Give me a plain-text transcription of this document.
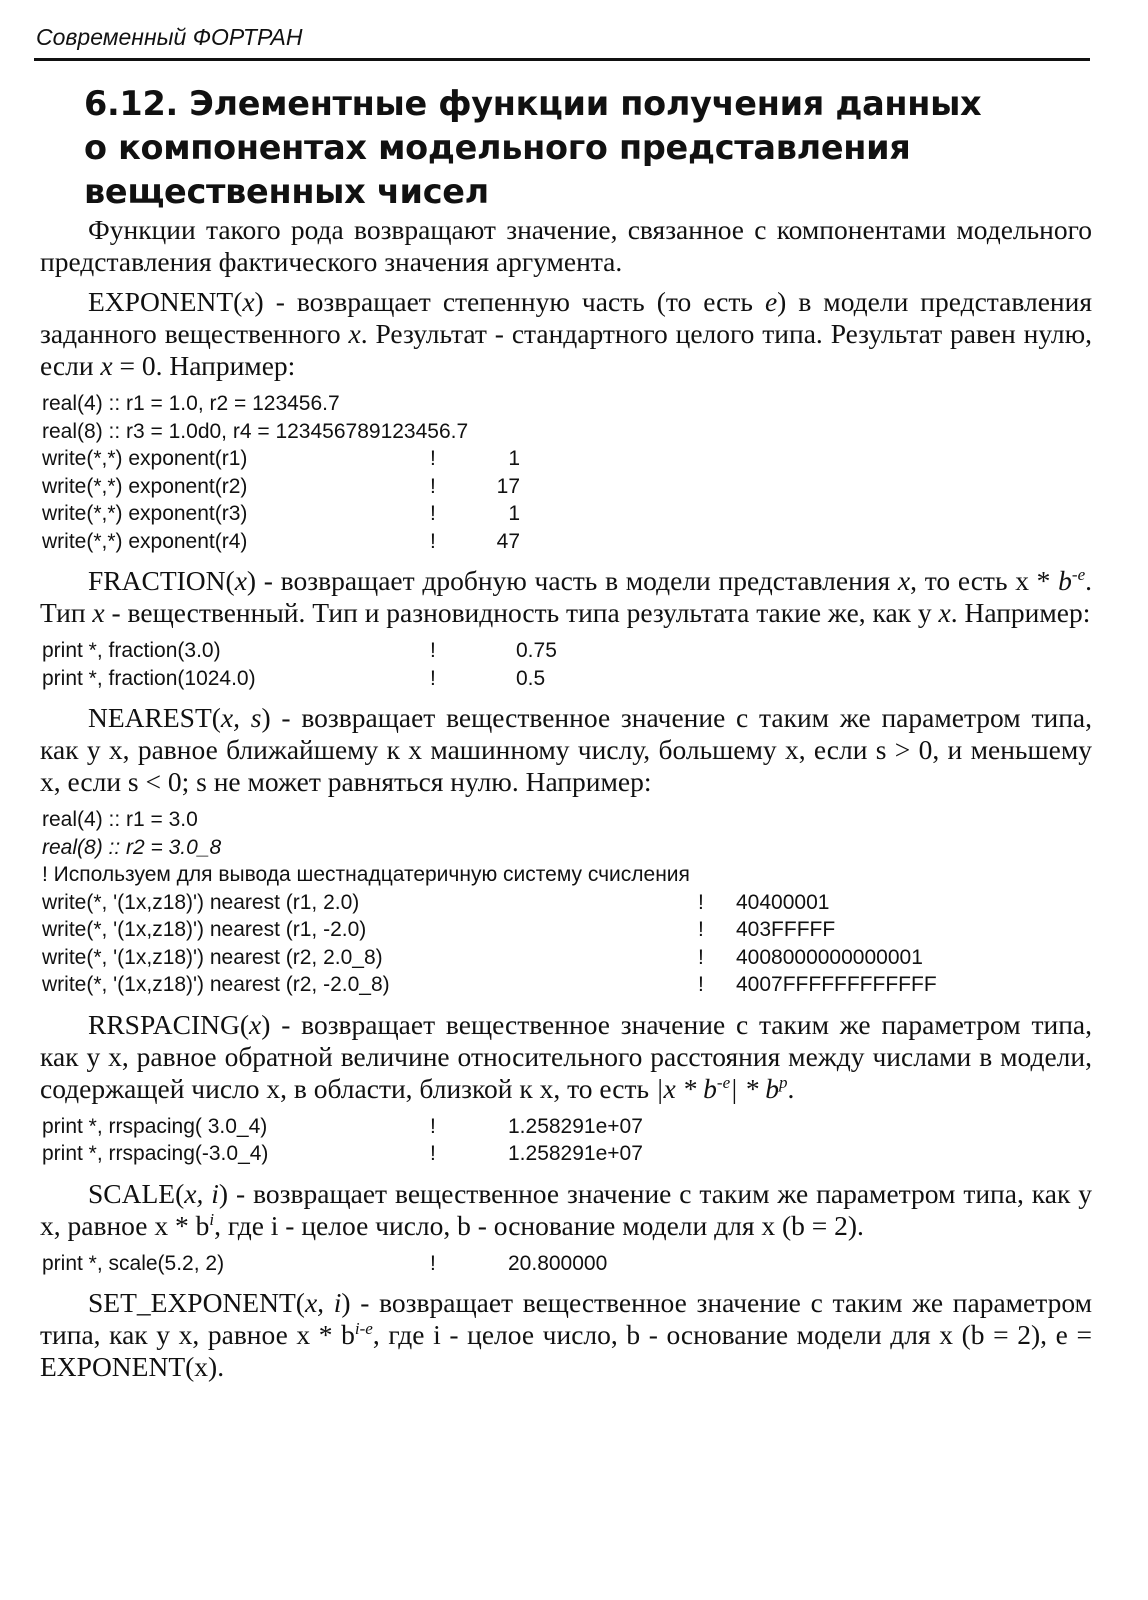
Современный ФОРТРАН
6.12. Элементные функции получения данных
о компонентах модельного представления
вещественных чисел

Функции такого рода возвращают значение, связанное с компонентами модельного представления фактического значения аргумента.

EXPONENT(x) - возвращает степенную часть (то есть e) в модели представления заданного вещественного x. Результат - стандартного целого типа. Результат равен нулю, если x = 0. Например:

real(4) :: r1 = 1.0, r2 = 123456.7
real(8) :: r3 = 1.0d0, r4 = 123456789123456.7
write(*,*) exponent(r1)	!	1
write(*,*) exponent(r2)	!	17
write(*,*) exponent(r3)	!	1
write(*,*) exponent(r4)	!	47

FRACTION(x) - возвращает дробную часть в модели представления x, то есть x * $b^{-e}$. Тип x - вещественный. Тип и разновидность типа результата такие же, как у x. Например:

print *, fraction(3.0)	!	0.75
print *, fraction(1024.0)	!	0.5

NEAREST(x, s) - возвращает вещественное значение с таким же параметром типа, как у x, равное ближайшему к x машинному числу, большему x, если s > 0, и меньшему x, если s < 0; s не может равняться нулю. Например:

real(4) :: r1 = 3.0
real(8) :: r2 = 3.0_8
! Используем для вывода шестнадцатеричную систему счисления
write(*, '(1x,z18)') nearest (r1, 2.0)	!	40400001
write(*, '(1x,z18)') nearest (r1, -2.0)	!	403FFFFF
write(*, '(1x,z18)') nearest (r2, 2.0_8)	!	4008000000000001
write(*, '(1x,z18)') nearest (r2, -2.0_8)	!	4007FFFFFFFFFFFF

RRSPACING(x) - возвращает вещественное значение с таким же параметром типа, как у x, равное обратной величине относительного расстояния между числами в модели, содержащей число x, в области, близкой к x, то есть $|x * b^{-e}| * b^p$.

print *, rrspacing( 3.0_4)	!	1.258291e+07
print *, rrspacing(-3.0_4)	!	1.258291e+07

SCALE(x, i) - возвращает вещественное значение с таким же параметром типа, как у x, равное x * $b^i$, где i - целое число, b - основание модели для x (b = 2).

print *, scale(5.2, 2)	!	20.800000

SET_EXPONENT(x, i) - возвращает вещественное значение с таким же параметром типа, как у x, равное x * $b^{i-e}$, где i - целое число, b - основание модели для x (b = 2), e = EXPONENT(x).
